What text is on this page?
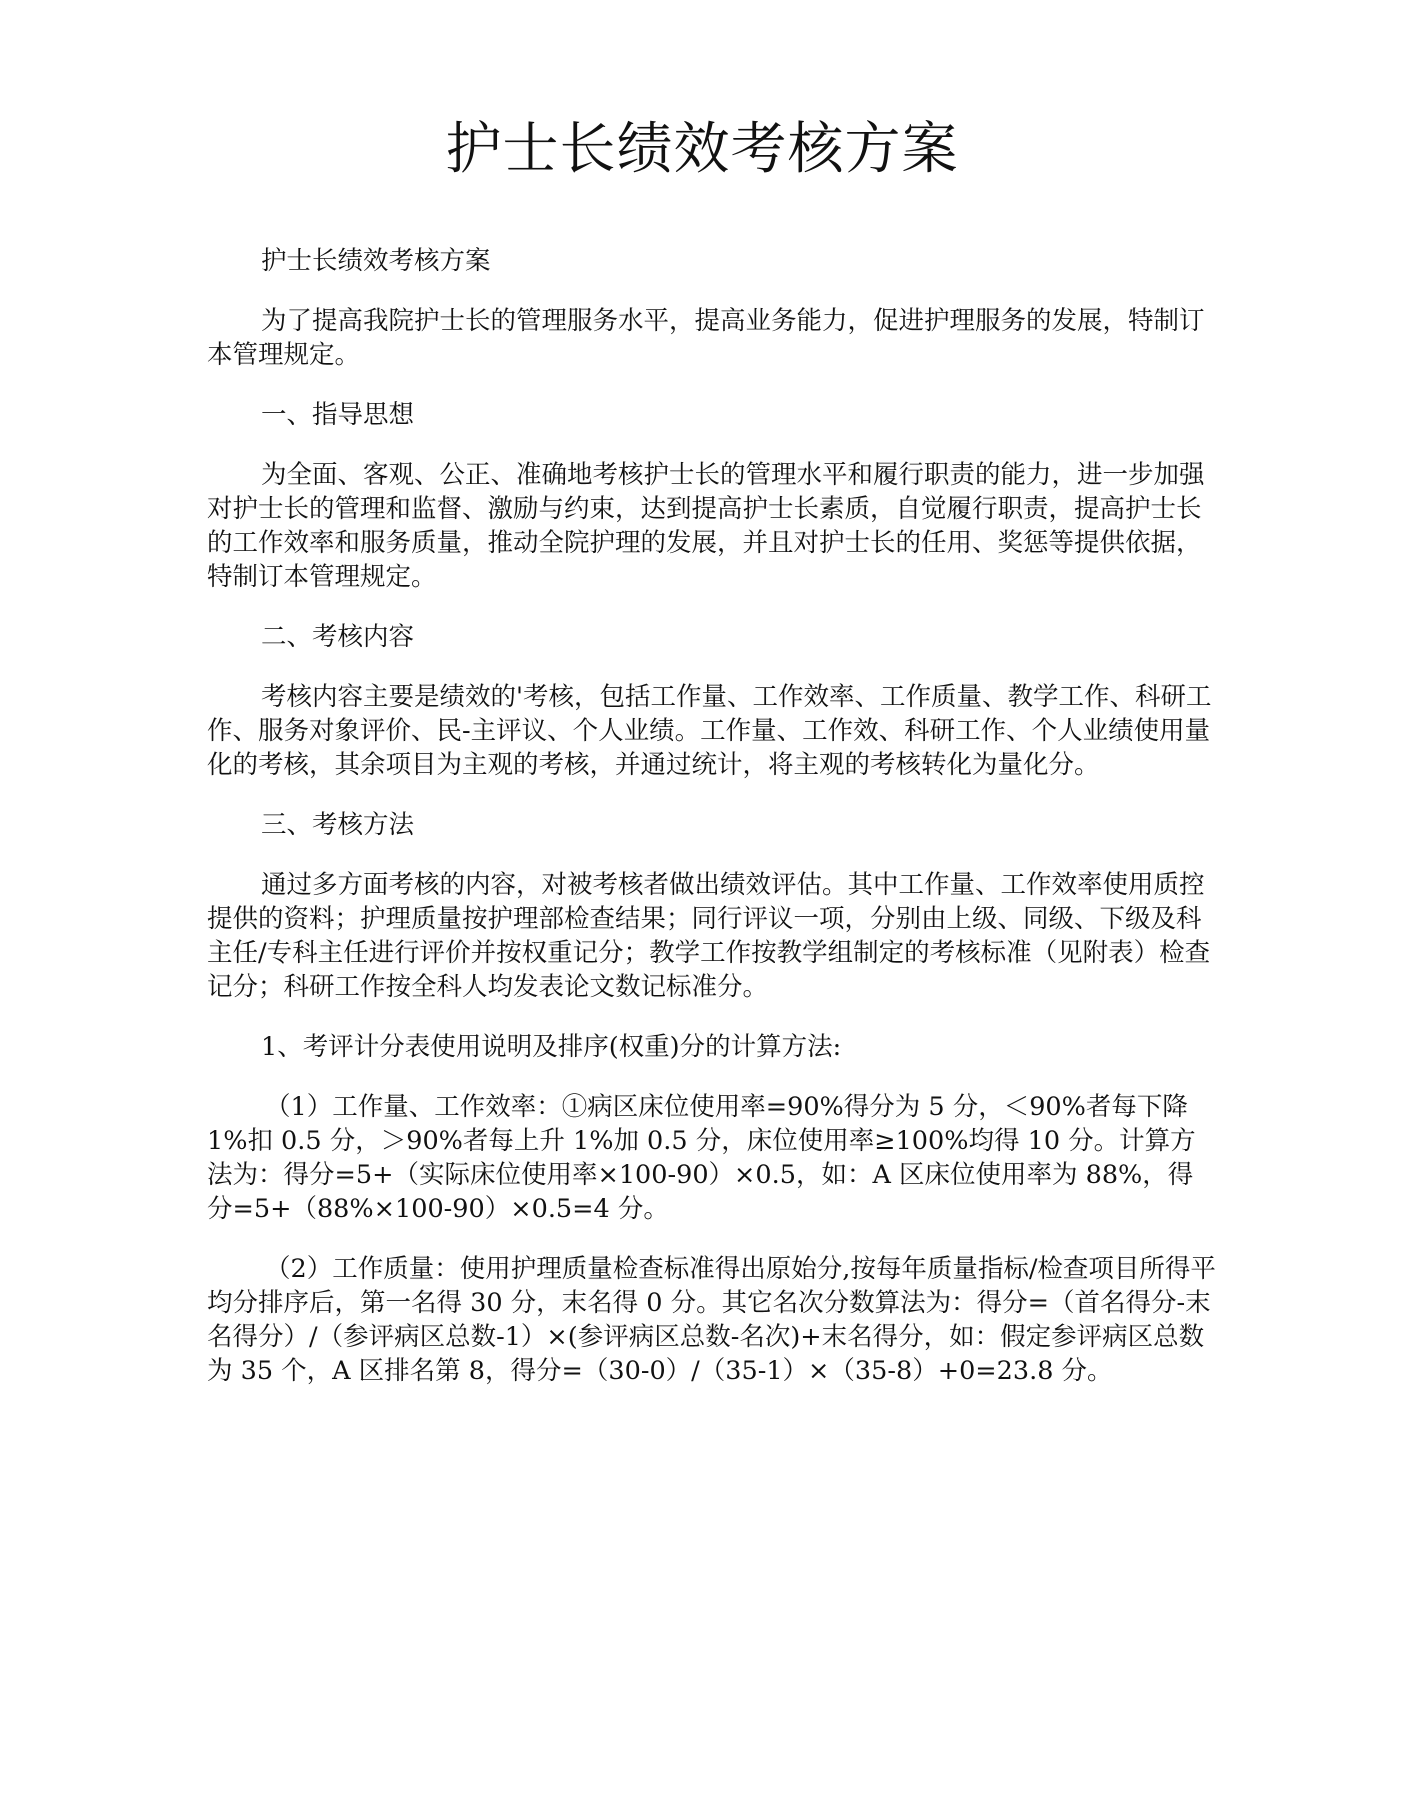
护士长绩效考核方案

护士长绩效考核方案

为了提高我院护士长的管理服务水平，提高业务能力，促进护理服务的发展，特制订本管理规定。

一、指导思想

为全面、客观、公正、准确地考核护士长的管理水平和履行职责的能力，进一步加强对护士长的管理和监督、激励与约束，达到提高护士长素质，自觉履行职责，提高护士长的工作效率和服务质量，推动全院护理的发展，并且对护士长的任用、奖惩等提供依据，特制订本管理规定。

二、考核内容

考核内容主要是绩效的'考核，包括工作量、工作效率、工作质量、教学工作、科研工作、服务对象评价、民-主评议、个人业绩。工作量、工作效、科研工作、个人业绩使用量化的考核，其余项目为主观的考核，并通过统计，将主观的考核转化为量化分。

三、考核方法

通过多方面考核的内容，对被考核者做出绩效评估。其中工作量、工作效率使用质控提供的资料；护理质量按护理部检查结果；同行评议一项，分别由上级、同级、下级及科主任/专科主任进行评价并按权重记分；教学工作按教学组制定的考核标准（见附表）检查记分；科研工作按全科人均发表论文数记标准分。

1、考评计分表使用说明及排序(权重)分的计算方法:

（1）工作量、工作效率：①病区床位使用率=90%得分为 5 分，＜90%者每下降 1%扣 0.5 分，＞90%者每上升 1%加 0.5 分，床位使用率≥100%均得 10 分。计算方法为：得分=5+（实际床位使用率×100-90）×0.5，如：A 区床位使用率为 88%，得分=5+（88%×100-90）×0.5=4 分。

（2）工作质量：使用护理质量检查标准得出原始分,按每年质量指标/检查项目所得平均分排序后，第一名得 30 分，末名得 0 分。其它名次分数算法为：得分=（首名得分-末名得分）/（参评病区总数-1）×(参评病区总数-名次)+末名得分，如：假定参评病区总数为 35 个，A 区排名第 8，得分=（30-0）/（35-1）×（35-8）+0=23.8 分。
